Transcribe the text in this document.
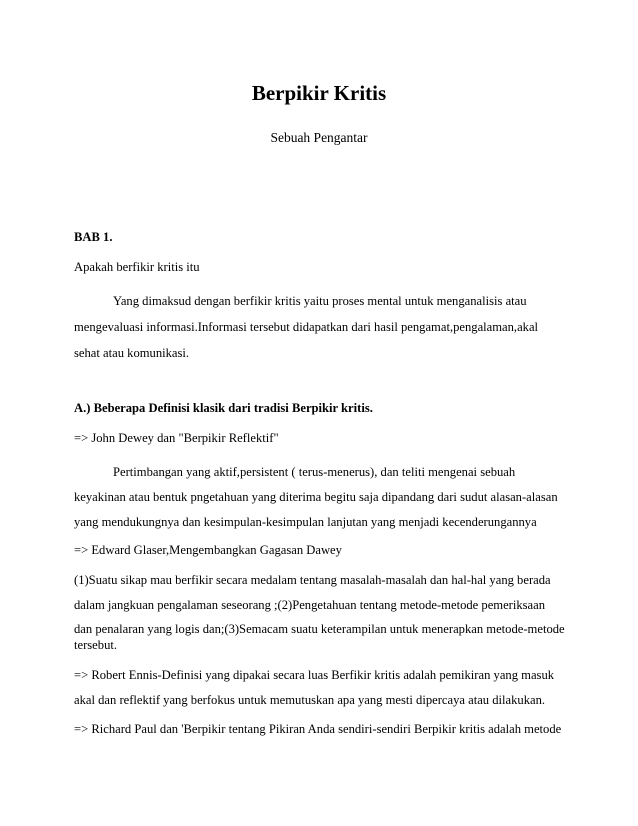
Berpikir Kritis

Sebuah Pengantar

BAB 1.

Apakah berfikir kritis itu

Yang dimaksud dengan berfikir kritis yaitu proses mental untuk menganalisis atau

mengevaluasi informasi.Informasi tersebut didapatkan dari hasil pengamat,pengalaman,akal

sehat atau komunikasi.

A.) Beberapa Definisi klasik dari tradisi Berpikir kritis.

=> John Dewey dan "Berpikir Reflektif"

Pertimbangan yang aktif,persistent ( terus-menerus), dan teliti mengenai sebuah

keyakinan atau bentuk pngetahuan yang diterima begitu saja dipandang dari sudut alasan-alasan

yang mendukungnya dan kesimpulan-kesimpulan lanjutan yang menjadi kecenderungannya

=> Edward Glaser,Mengembangkan Gagasan Dawey

(1)Suatu sikap mau berfikir secara medalam tentang masalah-masalah dan hal-hal yang berada

dalam jangkuan pengalaman seseorang ;(2)Pengetahuan tentang metode-metode pemeriksaan

dan penalaran yang logis dan;(3)Semacam suatu keterampilan untuk menerapkan metode-metode

tersebut.

=> Robert Ennis-Definisi yang dipakai secara luas Berfikir kritis adalah pemikiran yang masuk

akal dan reflektif yang berfokus untuk memutuskan apa yang mesti dipercaya atau dilakukan.

=> Richard Paul dan 'Berpikir tentang Pikiran Anda sendiri-sendiri Berpikir kritis adalah metode
